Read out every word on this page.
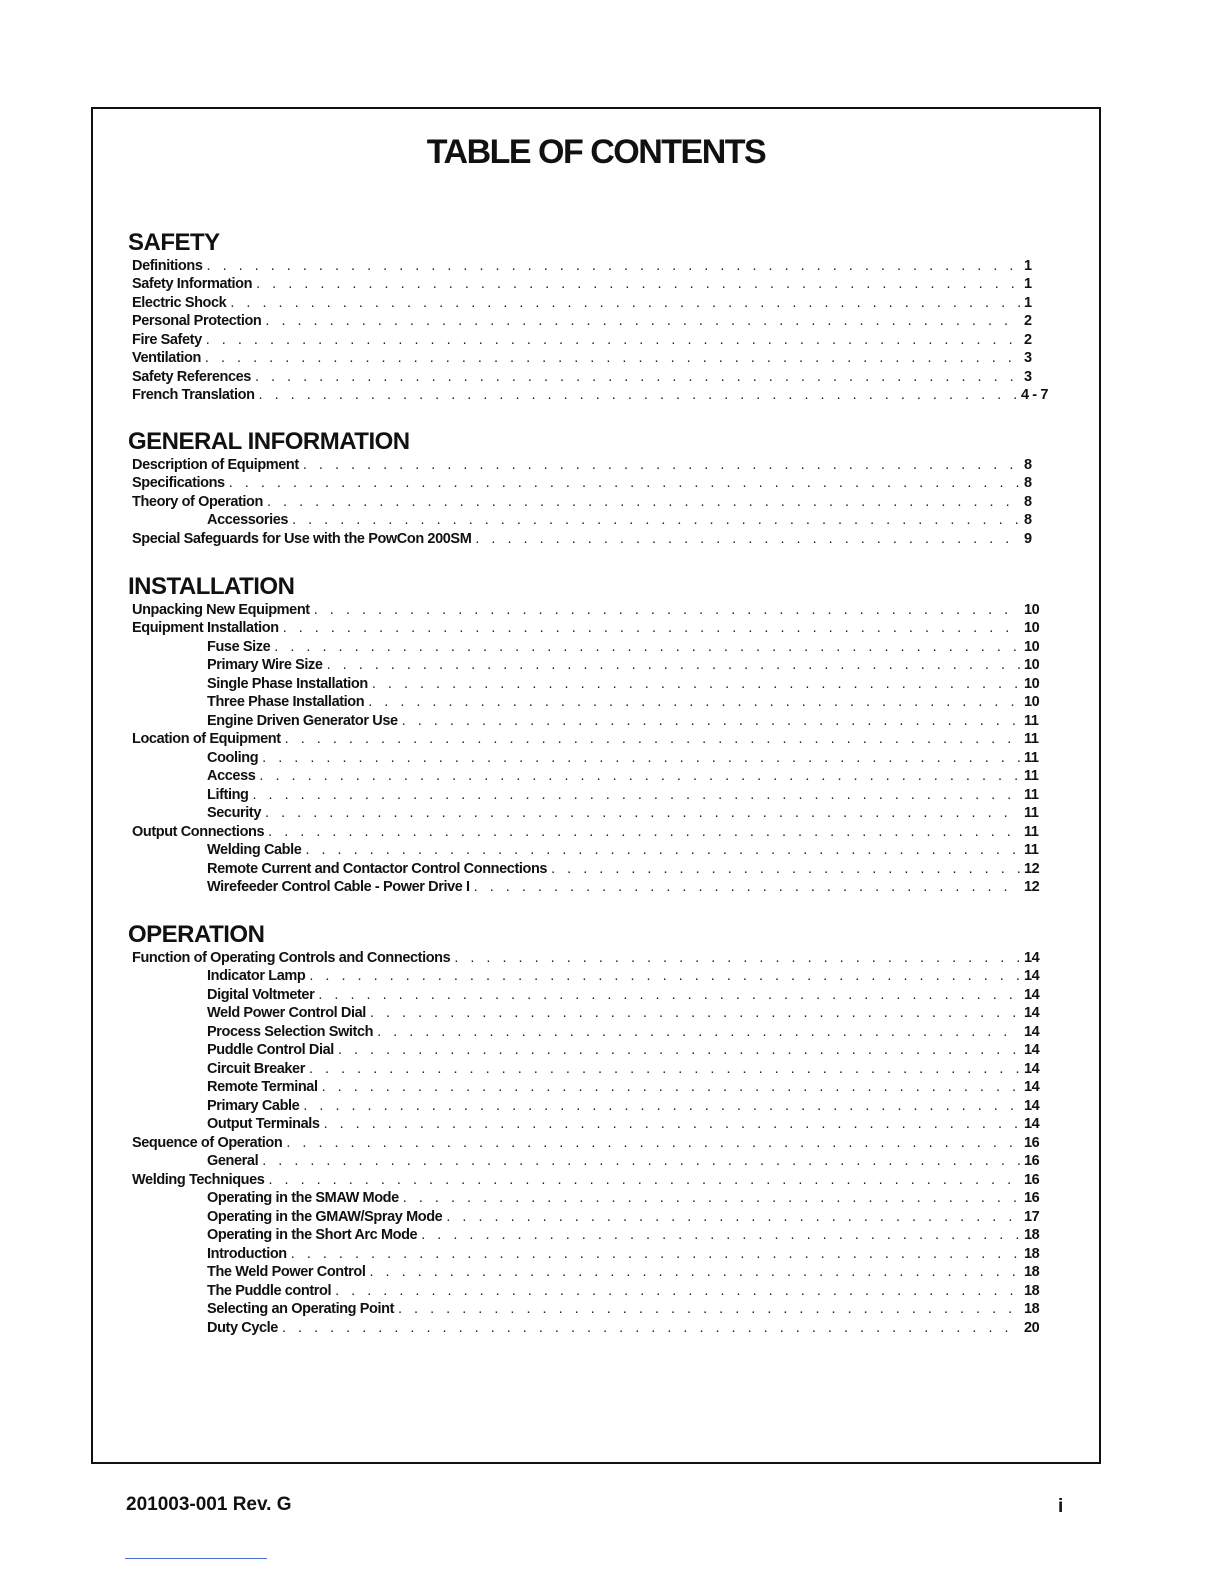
TABLE OF CONTENTS
SAFETY
Definitions . . .	1
Safety Information . . .	1
Electric Shock . . .	1
Personal Protection . . .	2
Fire Safety . . .	2
Ventilation . . .	3
Safety References . . .	3
French Translation . . .	4 - 7
GENERAL INFORMATION
Description of Equipment . . .	8
Specifications . . .	8
Theory of Operation . . .	8
Accessories . . .	8
Special Safeguards for Use with the PowCon 200SM . . .	9
INSTALLATION
Unpacking New Equipment . . .	10
Equipment Installation . . .	10
Fuse Size . . .	10
Primary Wire Size . . .	10
Single Phase Installation . . .	10
Three Phase Installation . . .	10
Engine Driven Generator Use . . .	11
Location of Equipment . . .	11
Cooling . . .	11
Access . . .	11
Lifting . . .	11
Security . . .	11
Output Connections . . .	11
Welding Cable . . .	11
Remote Current and Contactor Control Connections . . .	12
Wirefeeder Control Cable - Power Drive I . . .	12
OPERATION
Function of Operating Controls and Connections . . .	14
Indicator Lamp . . .	14
Digital Voltmeter . . .	14
Weld Power Control Dial . . .	14
Process Selection Switch . . .	14
Puddle Control Dial . . .	14
Circuit Breaker . . .	14
Remote Terminal . . .	14
Primary Cable . . .	14
Output Terminals . . .	14
Sequence of Operation . . .	16
General . . .	16
Welding Techniques . . .	16
Operating in the SMAW Mode . . .	16
Operating in the GMAW/Spray Mode . . .	17
Operating in the Short Arc Mode . . .	18
Introduction . . .	18
The Weld Power Control . . .	18
The Puddle control . . .	18
Selecting an Operating Point . . .	18
Duty Cycle . . .	20
201003-001 Rev. G	i
